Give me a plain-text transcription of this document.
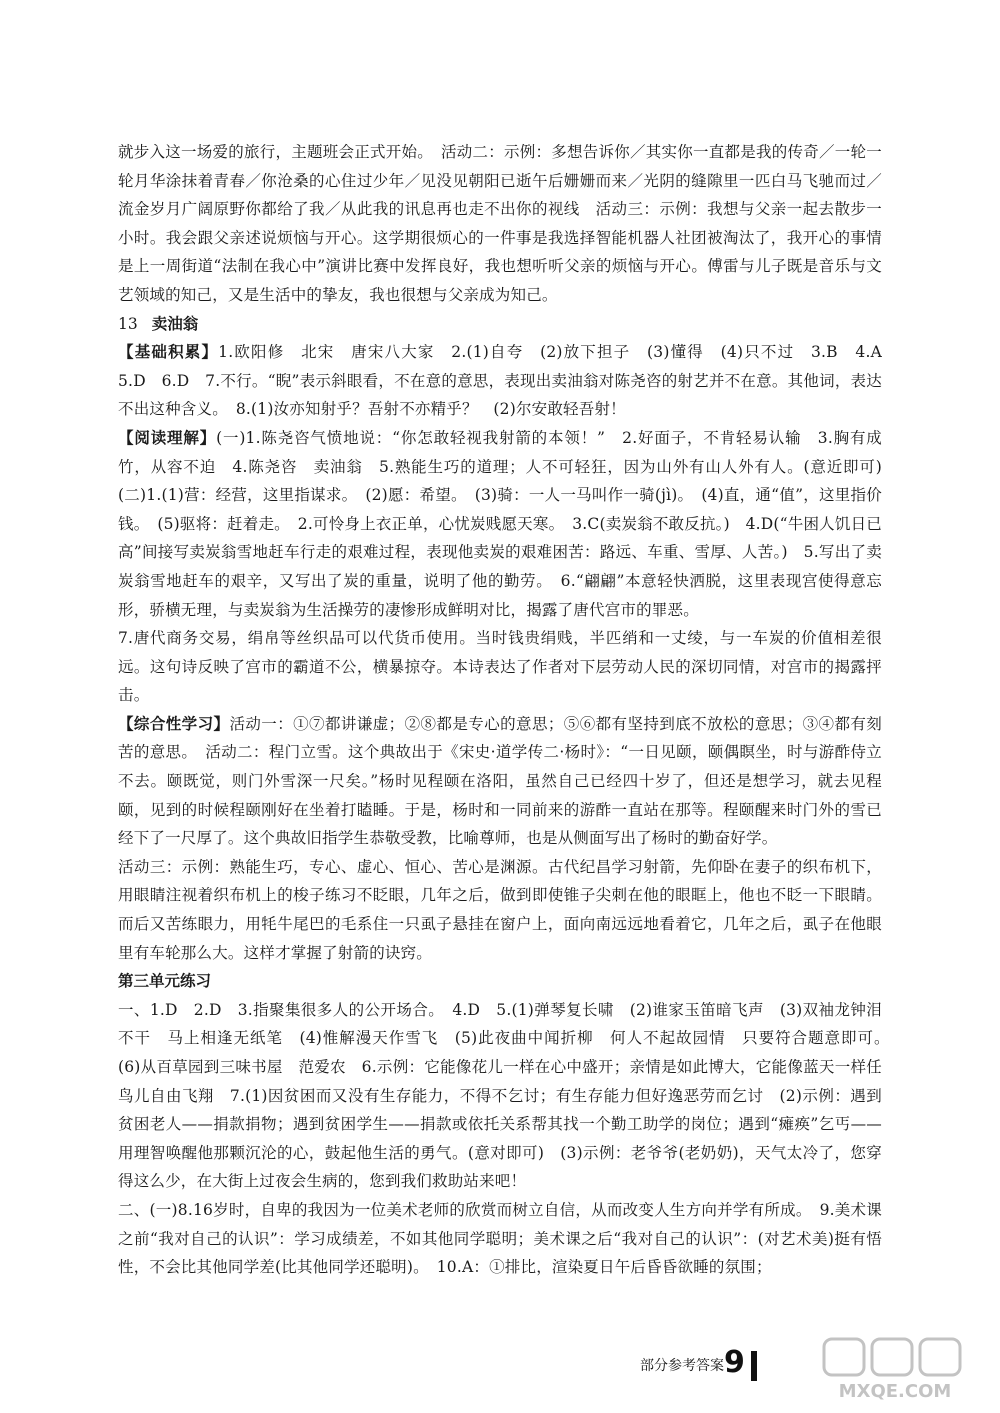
就步入这一场爱的旅行，主题班会正式开始。　活动二：示例：多想告诉你／其实你一直都是我的传奇／一轮一轮月华涂抹着青春／你沧桑的心住过少年／见没见朝阳已逝午后姗姗而来／光阴的缝隙里一匹白马飞驰而过／流金岁月广阔原野你都给了我／从此我的讯息再也走不出你的视线　活动三：示例：我想与父亲一起去散步一小时。我会跟父亲述说烦恼与开心。这学期很烦心的一件事是我选择智能机器人社团被淘汰了，我开心的事情是上一周街道“法制在我心中”演讲比赛中发挥良好，我也想听听父亲的烦恼与开心。傅雷与儿子既是音乐与文艺领域的知己，又是生活中的挚友，我也很想与父亲成为知己。

13 卖油翁

【基础积累】1.欧阳修　北宋　唐宋八大家　2.(1)自夸　(2)放下担子　(3)懂得　(4)只不过　3.B　4.A　5.D　6.D　7.不行。“睨”表示斜眼看，不在意的意思，表现出卖油翁对陈尧咨的射艺并不在意。其他词，表达不出这种含义。　8.(1)汝亦知射乎？吾射不亦精乎？　(2)尔安敢轻吾射！

【阅读理解】(一)1.陈尧咨气愤地说：“你怎敢轻视我射箭的本领！”　2.好面子，不肯轻易认输　3.胸有成竹，从容不迫　4.陈尧咨　卖油翁　5.熟能生巧的道理；人不可轻狂，因为山外有山人外有人。(意近即可)　(二)1.(1)营：经营，这里指谋求。　(2)愿：希望。　(3)骑：一人一马叫作一骑(jì)。　(4)直，通“值”，这里指价钱。　(5)驱将：赶着走。　2.可怜身上衣正单，心忧炭贱愿天寒。　3.C(卖炭翁不敢反抗。)　4.D(“牛困人饥日已高”间接写卖炭翁雪地赶车行走的艰难过程，表现他卖炭的艰难困苦：路远、车重、雪厚、人苦。)　5.写出了卖炭翁雪地赶车的艰辛，又写出了炭的重量，说明了他的勤劳。　6.“翩翩”本意轻快洒脱，这里表现宫使得意忘形，骄横无理，与卖炭翁为生活操劳的凄惨形成鲜明对比，揭露了唐代宫市的罪恶。

7.唐代商务交易，绢帛等丝织品可以代货币使用。当时钱贵绢贱，半匹绡和一丈绫，与一车炭的价值相差很远。这句诗反映了宫市的霸道不公，横暴掠夺。本诗表达了作者对下层劳动人民的深切同情，对宫市的揭露抨击。

【综合性学习】活动一：①⑦都讲谦虚；②⑧都是专心的意思；⑤⑥都有坚持到底不放松的意思；③④都有刻苦的意思。　活动二：程门立雪。这个典故出于《宋史·道学传二·杨时》：“一日见颐，颐偶瞑坐，时与游酢侍立不去。颐既觉，则门外雪深一尺矣。”杨时见程颐在洛阳，虽然自己已经四十岁了，但还是想学习，就去见程颐，见到的时候程颐刚好在坐着打瞌睡。于是，杨时和一同前来的游酢一直站在那等。程颐醒来时门外的雪已经下了一尺厚了。这个典故旧指学生恭敬受教，比喻尊师，也是从侧面写出了杨时的勤奋好学。

活动三：示例：熟能生巧，专心、虚心、恒心、苦心是渊源。古代纪昌学习射箭，先仰卧在妻子的织布机下，用眼睛注视着织布机上的梭子练习不眨眼，几年之后，做到即使锥子尖刺在他的眼眶上，他也不眨一下眼睛。而后又苦练眼力，用牦牛尾巴的毛系住一只虱子悬挂在窗户上，面向南远远地看着它，几年之后，虱子在他眼里有车轮那么大。这样才掌握了射箭的诀窍。

第三单元练习

一、1.D　2.D　3.指聚集很多人的公开场合。　4.D　5.(1)弹琴复长啸　(2)谁家玉笛暗飞声　(3)双袖龙钟泪不干　马上相逢无纸笔　(4)惟解漫天作雪飞　(5)此夜曲中闻折柳　何人不起故园情　只要符合题意即可。　(6)从百草园到三味书屋　范爱农　6.示例：它能像花儿一样在心中盛开；亲情是如此博大，它能像蓝天一样任鸟儿自由飞翔　7.(1)因贫困而又没有生存能力，不得不乞讨；有生存能力但好逸恶劳而乞讨　(2)示例：遇到贫困老人——捐款捐物；遇到贫困学生——捐款或依托关系帮其找一个勤工助学的岗位；遇到“瘫痪”乞丐——用理智唤醒他那颗沉沦的心，鼓起他生活的勇气。(意对即可)　(3)示例：老爷爷(老奶奶)，天气太冷了，您穿得这么少，在大街上过夜会生病的，您到我们救助站来吧！

二、(一)8.16岁时，自卑的我因为一位美术老师的欣赏而树立自信，从而改变人生方向并学有所成。　9.美术课之前“我对自己的认识”：学习成绩差，不如其他同学聪明；美术课之后“我对自己的认识”：(对艺术美)挺有悟性，不会比其他同学差(比其他同学还聪明)。　10.A：①排比，渲染夏日午后昏昏欲睡的氛围；

部分参考答案 9
MXQE.COM
